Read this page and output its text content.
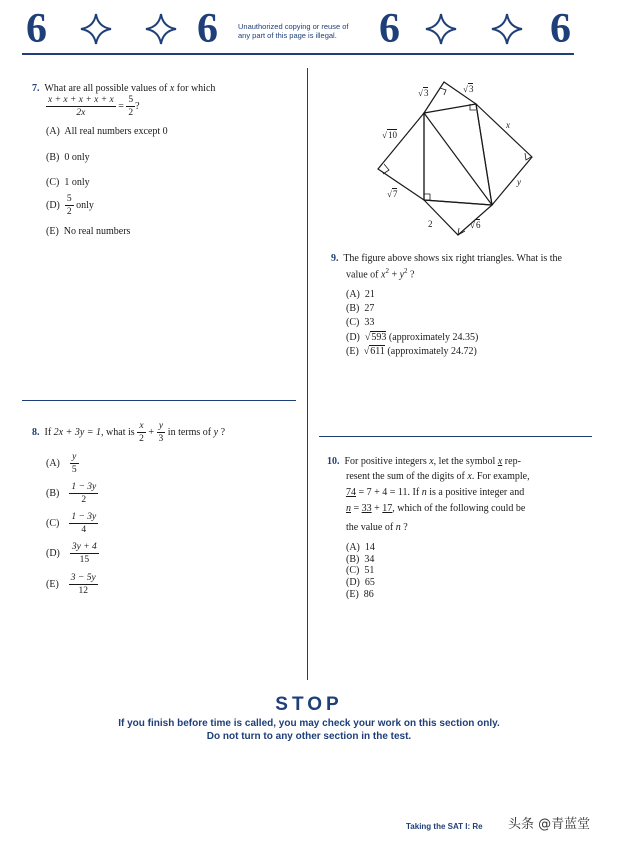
6	6	Unauthorized copying or reuse of
any part of this page is illegal. 6	6
7. What are all possible values of x for which
$\frac{x + x + x + x + x}{2x} = \frac{5}{2}$ ?
(A) All real numbers except 0
(B) 0 only
(C) 1 only
$(D) \frac{5}{2}$ only
(E) No real numbers
8. If 2x + 3y = 1, what is $\frac{x}{2} + \frac{y}{3}$ in terms of y ?
$(A) \frac{y}{5}$
$(B) \frac{1 - 3y}{2}$
$(C) \frac{1 - 3y}{4}$
$(D) \frac{3y + 4}{15}$
$(E) \frac{3 - 5y}{12}$
√3	√3
√10
√7
2	√6
x
y
9. The figure above shows six right triangles. What is the
value of $x^2 + y^2$ ?
(A) 21
(B) 27
(C) 33
(D)  √593 (approximately 24.35)
(E)  √611 (approximately 24.72)
10. For positive integers x, let the symbol x rep-
resent the sum of the digits of x. For example,
74 = 7 + 4 = 11. If n is a positive integer and
n = 33 + 17, which of the following could be
the value of n ?
(A) 14
(B) 34
(C) 51
(D) 65
(E) 86
STOP
If you finish before time is called, you may check your work on this section only.
Do not turn to any other section in the test.
Taking the SAT I: Re 头条 @青蓝堂
